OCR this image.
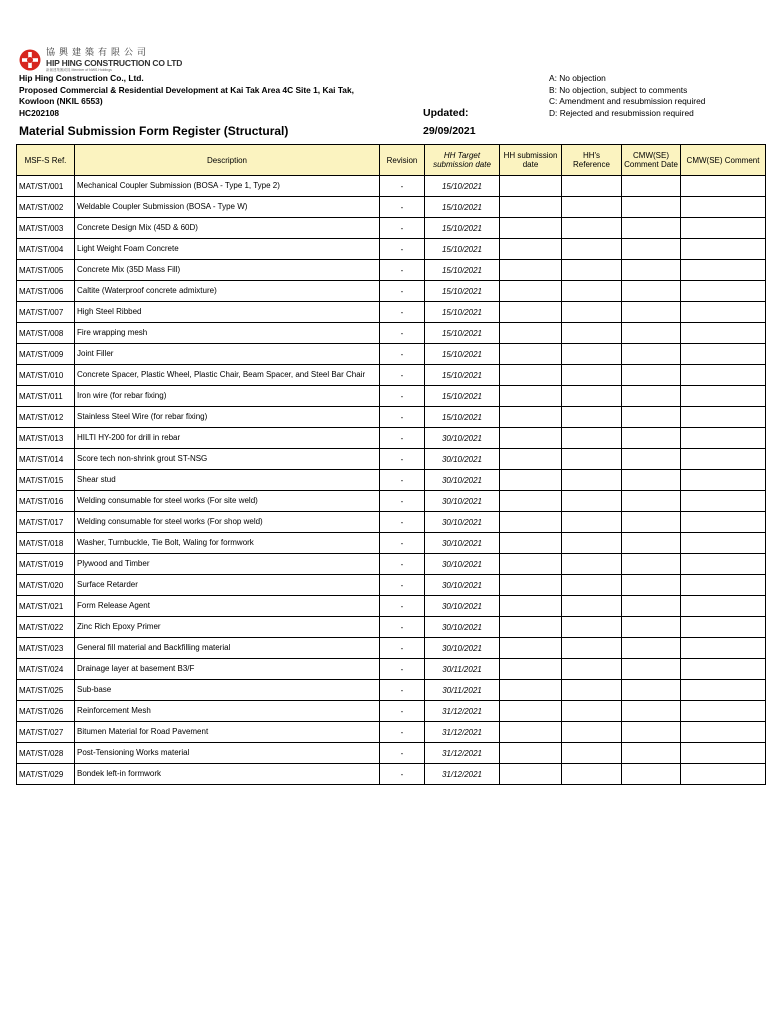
協興建築有限公司
HIP HING CONSTRUCTION CO LTD
新創建集團成員 Member of NWS Holdings
Hip Hing Construction Co., Ltd.
Proposed Commercial & Residential Development at Kai Tak Area 4C Site 1, Kai Tak,
Kowloon (NKIL 6553)
HC202108
A: No objection
B: No objection, subject to comments
C: Amendment and resubmission required
D: Rejected and resubmission required
Updated:
29/09/2021
Material Submission Form Register (Structural)
MSF-S Ref.	Description	Revision	HH Target submission date	HH submission date	HH's Reference	CMW(SE) Comment Date	CMW(SE) Comment
MAT/ST/001	Mechanical Coupler Submission (BOSA - Type 1, Type 2)	-	15/10/2021				
MAT/ST/002	Weldable Coupler Submission (BOSA - Type W)	-	15/10/2021				
MAT/ST/003	Concrete Design Mix (45D & 60D)	-	15/10/2021				
MAT/ST/004	Light Weight Foam Concrete	-	15/10/2021				
MAT/ST/005	Concrete Mix (35D Mass Fill)	-	15/10/2021				
MAT/ST/006	Caltite (Waterproof concrete admixture)	-	15/10/2021				
MAT/ST/007	High Steel Ribbed	-	15/10/2021				
MAT/ST/008	Fire wrapping mesh	-	15/10/2021				
MAT/ST/009	Joint Filler	-	15/10/2021				
MAT/ST/010	Concrete Spacer, Plastic Wheel, Plastic Chair, Beam Spacer, and Steel Bar Chair	-	15/10/2021				
MAT/ST/011	Iron wire (for rebar fixing)	-	15/10/2021				
MAT/ST/012	Stainless Steel Wire (for rebar fixing)	-	15/10/2021				
MAT/ST/013	HILTI HY-200 for drill in rebar	-	30/10/2021				
MAT/ST/014	Score tech non-shrink grout ST-NSG	-	30/10/2021				
MAT/ST/015	Shear stud	-	30/10/2021				
MAT/ST/016	Welding consumable for steel works (For site weld)	-	30/10/2021				
MAT/ST/017	Welding consumable for steel works (For shop weld)	-	30/10/2021				
MAT/ST/018	Washer, Turnbuckle, Tie Bolt, Waling for formwork	-	30/10/2021				
MAT/ST/019	Plywood and Timber	-	30/10/2021				
MAT/ST/020	Surface Retarder	-	30/10/2021				
MAT/ST/021	Form Release Agent	-	30/10/2021				
MAT/ST/022	Zinc Rich Epoxy Primer	-	30/10/2021				
MAT/ST/023	General fill material and Backfilling material	-	30/10/2021				
MAT/ST/024	Drainage layer at basement B3/F	-	30/11/2021				
MAT/ST/025	Sub-base	-	30/11/2021				
MAT/ST/026	Reinforcement Mesh	-	31/12/2021				
MAT/ST/027	Bitumen Material for Road Pavement	-	31/12/2021				
MAT/ST/028	Post-Tensioning Works material	-	31/12/2021				
MAT/ST/029	Bondek left-in formwork	-	31/12/2021				
